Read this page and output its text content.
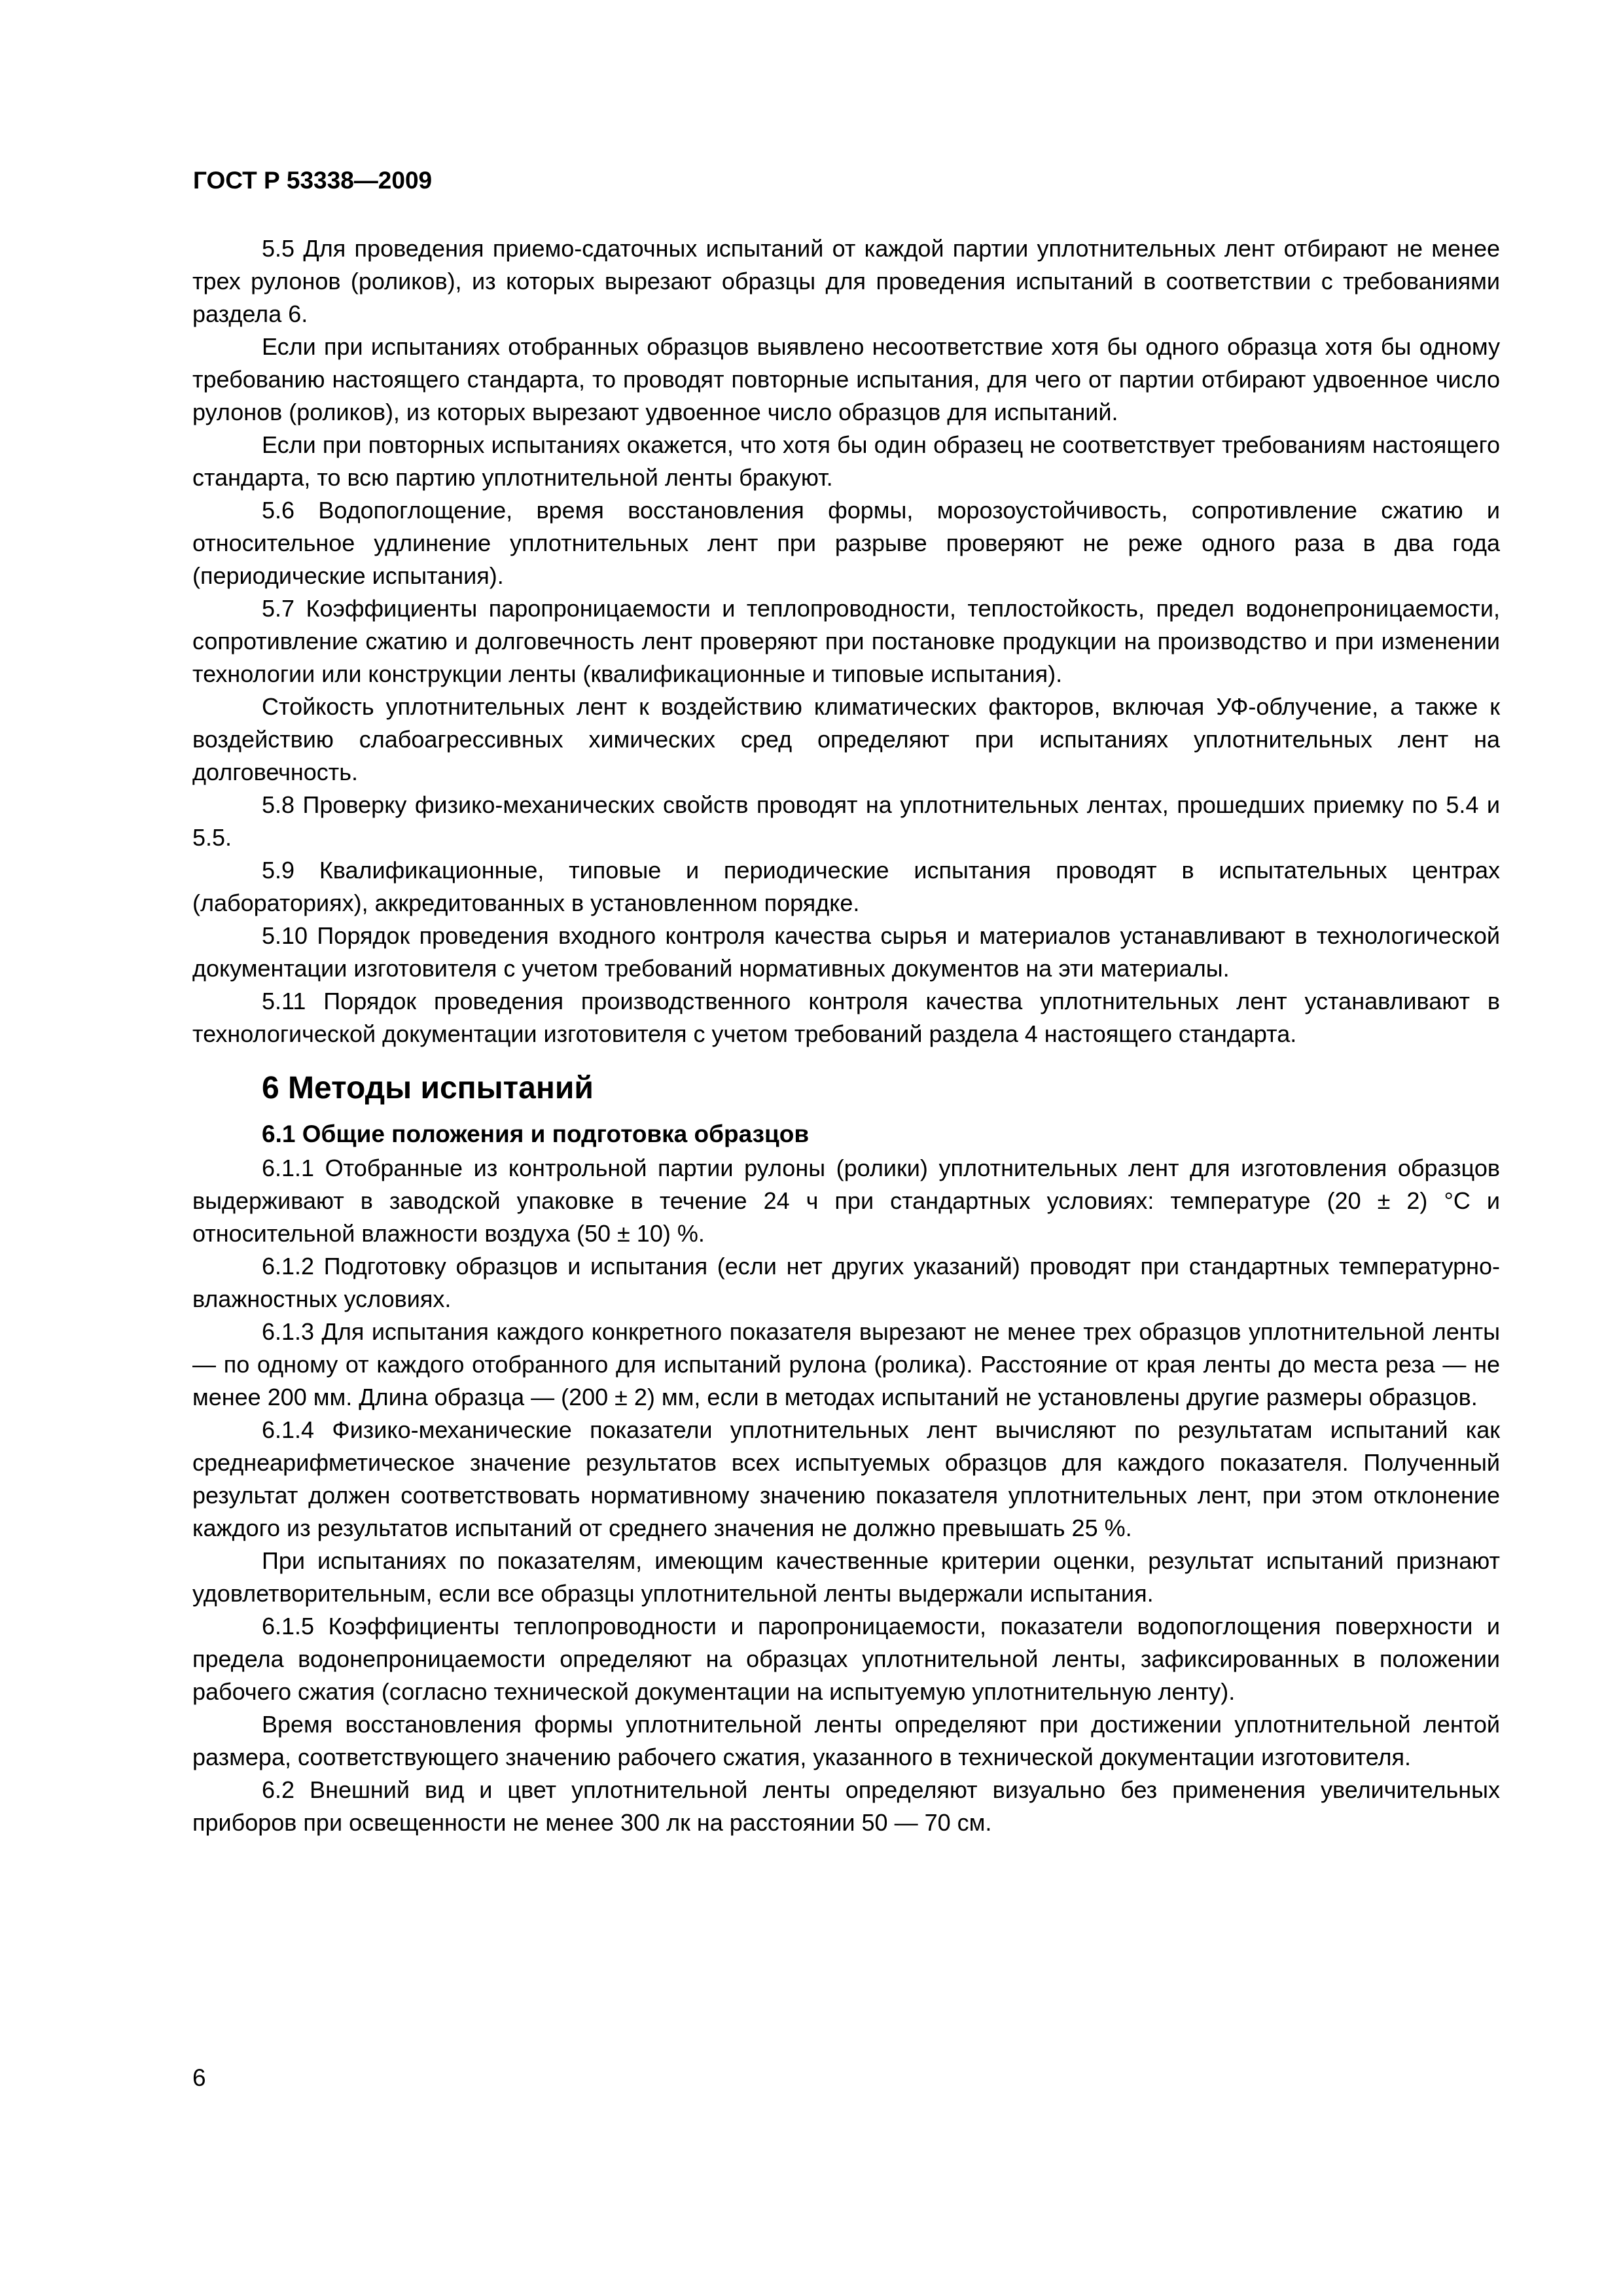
ГОСТ Р 53338—2009

5.5 Для проведения приемо-сдаточных испытаний от каждой партии уплотнительных лент отбирают не менее трех рулонов (роликов), из которых вырезают образцы для проведения испытаний в соответствии с требованиями раздела 6.

Если при испытаниях отобранных образцов выявлено несоответствие хотя бы одного образца хотя бы одному требованию настоящего стандарта, то проводят повторные испытания, для чего от партии отбирают удвоенное число рулонов (роликов), из которых вырезают удвоенное число образцов для испытаний.

Если при повторных испытаниях окажется, что хотя бы один образец не соответствует требованиям настоящего стандарта, то всю партию уплотнительной ленты бракуют.

5.6 Водопоглощение, время восстановления формы, морозоустойчивость, сопротивление сжатию и относительное удлинение уплотнительных лент при разрыве проверяют не реже одного раза в два года (периодические испытания).

5.7 Коэффициенты паропроницаемости и теплопроводности, теплостойкость, предел водонепроницаемости, сопротивление сжатию и долговечность лент проверяют при постановке продукции на производство и при изменении технологии или конструкции ленты (квалификационные и типовые испытания).

Стойкость уплотнительных лент к воздействию климатических факторов, включая УФ-облучение, а также к воздействию слабоагрессивных химических сред определяют при испытаниях уплотнительных лент на долговечность.

5.8 Проверку физико-механических свойств проводят на уплотнительных лентах, прошедших приемку по 5.4 и 5.5.

5.9 Квалификационные, типовые и периодические испытания проводят в испытательных центрах (лабораториях), аккредитованных в установленном порядке.

5.10 Порядок проведения входного контроля качества сырья и материалов устанавливают в технологической документации изготовителя с учетом требований нормативных документов на эти материалы.

5.11 Порядок проведения производственного контроля качества уплотнительных лент устанавливают в технологической документации изготовителя с учетом требований раздела 4 настоящего стандарта.

6 Методы испытаний
6.1 Общие положения и подготовка образцов

6.1.1 Отобранные из контрольной партии рулоны (ролики) уплотнительных лент для изготовления образцов выдерживают в заводской упаковке в течение 24 ч при стандартных условиях: температуре (20 ± 2) °С и относительной влажности воздуха (50 ± 10) %.

6.1.2 Подготовку образцов и испытания (если нет других указаний) проводят при стандартных температурно-влажностных условиях.

6.1.3 Для испытания каждого конкретного показателя вырезают не менее трех образцов уплотнительной ленты — по одному от каждого отобранного для испытаний рулона (ролика). Расстояние от края ленты до места реза — не менее 200 мм. Длина образца — (200 ± 2) мм, если в методах испытаний не установлены другие размеры образцов.

6.1.4 Физико-механические показатели уплотнительных лент вычисляют по результатам испытаний как среднеарифметическое значение результатов всех испытуемых образцов для каждого показателя. Полученный результат должен соответствовать нормативному значению показателя уплотнительных лент, при этом отклонение каждого из результатов испытаний от среднего значения не должно превышать 25 %.

При испытаниях по показателям, имеющим качественные критерии оценки, результат испытаний признают удовлетворительным, если все образцы уплотнительной ленты выдержали испытания.

6.1.5 Коэффициенты теплопроводности и паропроницаемости, показатели водопоглощения поверхности и предела водонепроницаемости определяют на образцах уплотнительной ленты, зафиксированных в положении рабочего сжатия (согласно технической документации на испытуемую уплотнительную ленту).

Время восстановления формы уплотнительной ленты определяют при достижении уплотнительной лентой размера, соответствующего значению рабочего сжатия, указанного в технической документации изготовителя.

6.2 Внешний вид и цвет уплотнительной ленты определяют визуально без применения увеличительных приборов при освещенности не менее 300 лк на расстоянии 50 — 70 см.

6
